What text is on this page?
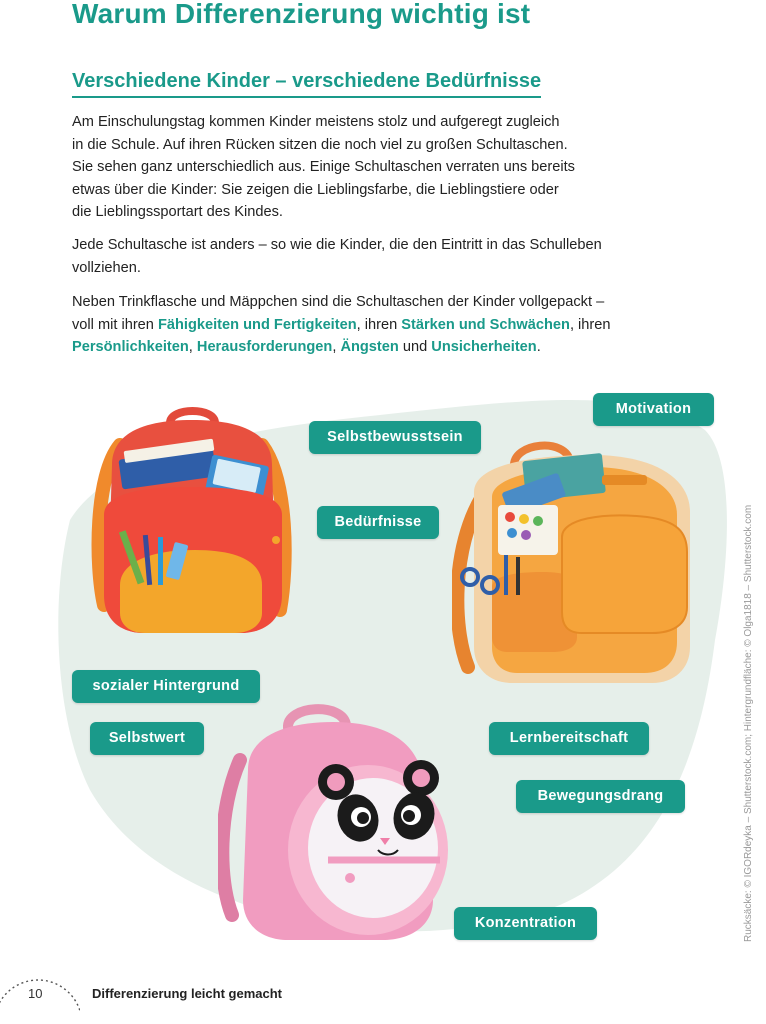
Warum Differenzierung wichtig ist
Verschiedene Kinder – verschiedene Bedürfnisse
Am Einschulungstag kommen Kinder meistens stolz und aufgeregt zugleich
in die Schule. Auf ihren Rücken sitzen die noch viel zu großen Schultaschen.
Sie sehen ganz unterschiedlich aus. Einige Schultaschen verraten uns bereits
etwas über die Kinder: Sie zeigen die Lieblingsfarbe, die Lieblingstiere oder
die Lieblingssportart des Kindes.
Jede Schultasche ist anders – so wie die Kinder, die den Eintritt in das Schulleben
vollziehen.
Neben Trinkflasche und Mäppchen sind die Schultaschen der Kinder vollgepackt –
voll mit ihren Fähigkeiten und Fertigkeiten, ihren Stärken und Schwächen, ihren
Persönlichkeiten, Herausforderungen, Ängsten und Unsicherheiten.
Motivation
Selbstbewusstsein
Bedürfnisse
sozialer Hintergrund
Selbstwert	Lernbereitschaft
Bewegungsdrang
Konzentration	Rucksäcke: © IGORdeyka – Shutterstock.com; Hintergrundfläche: © Olga1818 – Shutterstock.com
10	Differenzierung leicht gemacht
